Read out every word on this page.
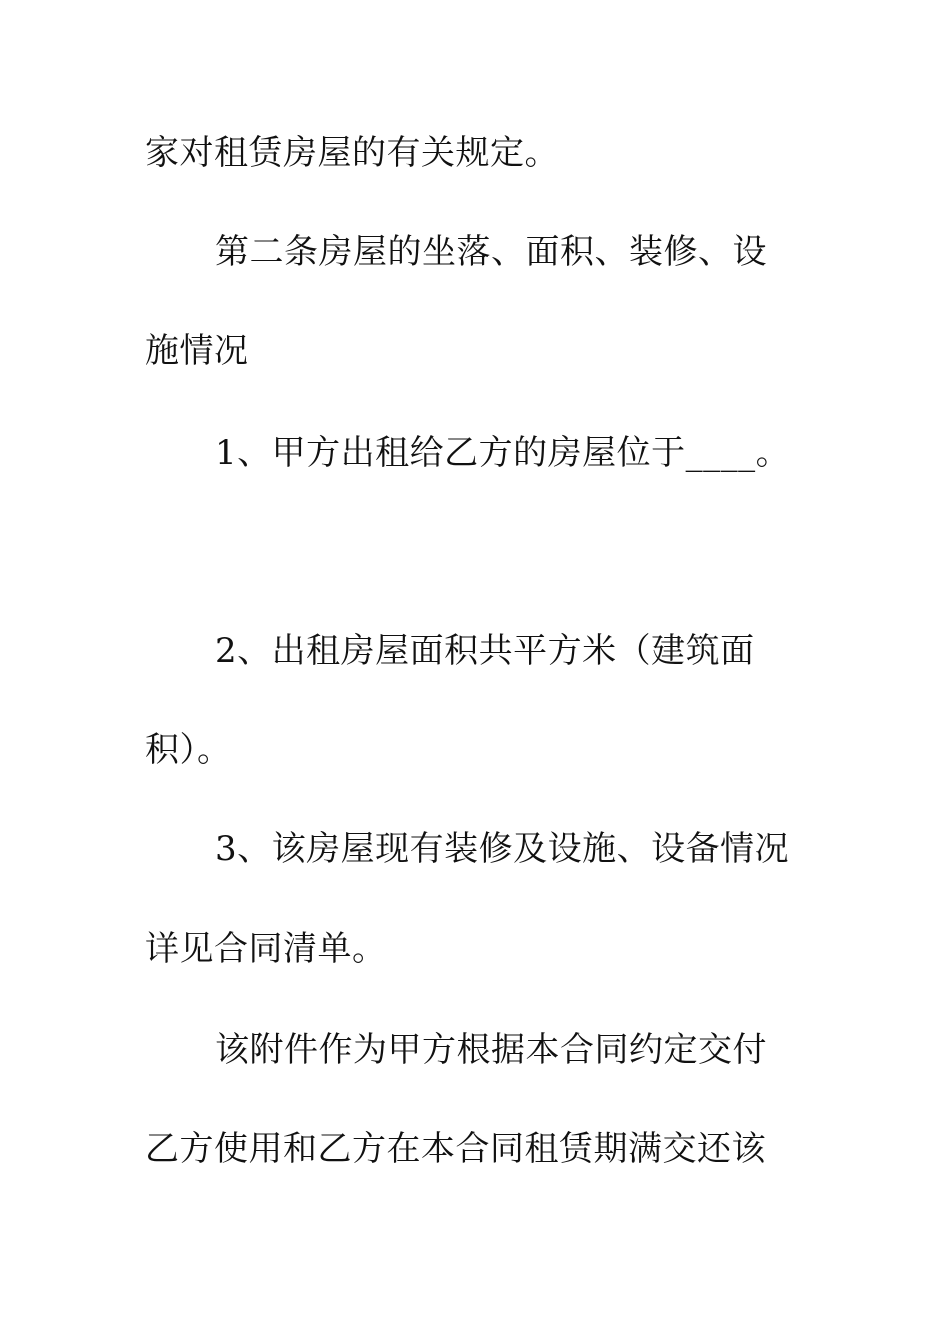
家对租赁房屋的有关规定。
第二条房屋的坐落、面积、装修、设
施情况
1、甲方出租给乙方的房屋位于____。
2、出租房屋面积共平方米（建筑面
积）。
3、该房屋现有装修及设施、设备情况
详见合同清单。
该附件作为甲方根据本合同约定交付
乙方使用和乙方在本合同租赁期满交还该
